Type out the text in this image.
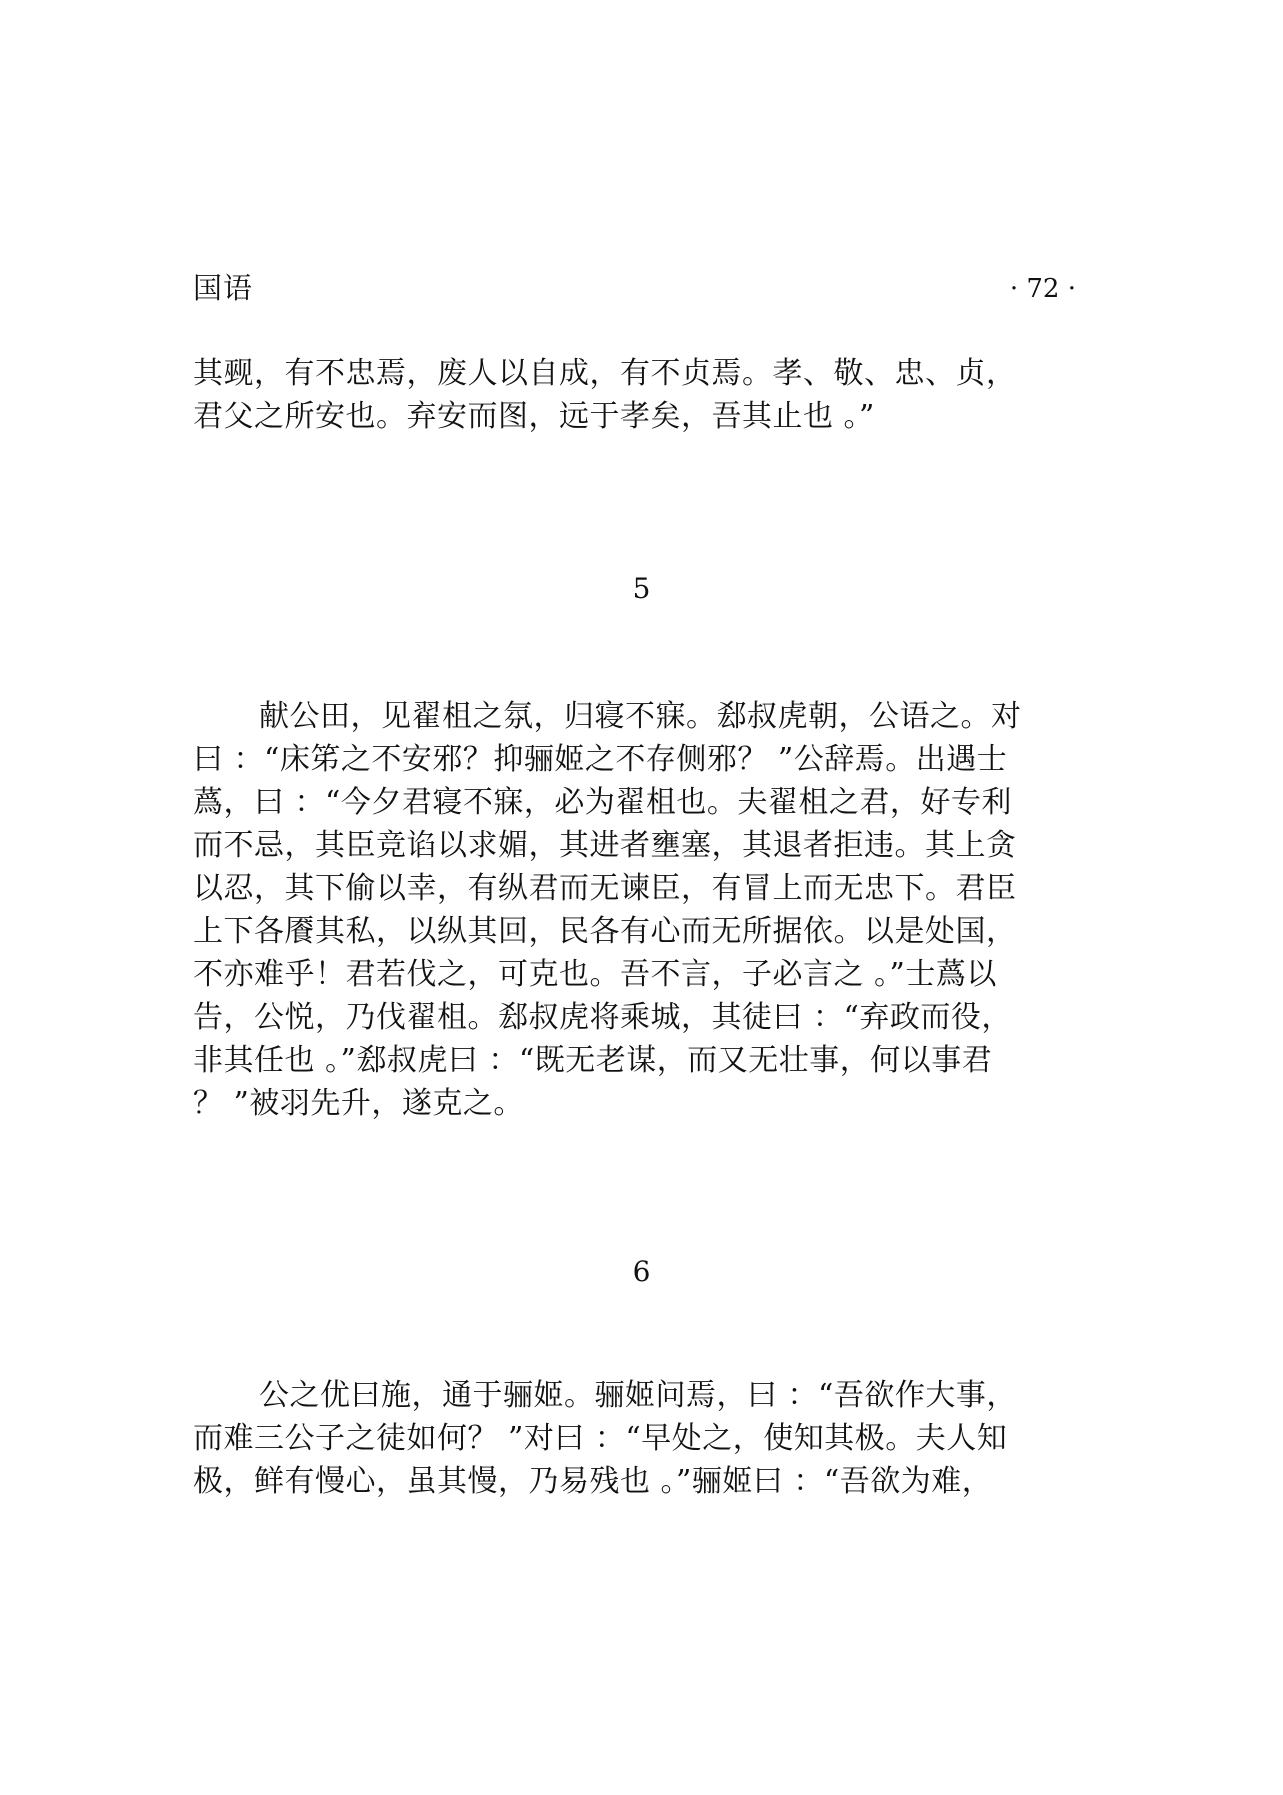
国语	· 72 ·
其觋，有不忠焉，废人以自成，有不贞焉。孝、敬、忠、贞，
君父之所安也。弃安而图，远于孝矣，吾其止也 。”
5
献公田，见翟柤之氛，归寝不寐。郄叔虎朝，公语之。对
曰 ：“床笫之不安邪？抑骊姬之不存侧邪？ ”公辞焉。出遇士
蔿，曰 ：“今夕君寝不寐，必为翟柤也。夫翟柤之君，好专利
而不忌，其臣竞谄以求媚，其进者壅塞，其退者拒违。其上贪
以忍，其下偷以幸，有纵君而无谏臣，有冒上而无忠下。君臣
上下各餍其私，以纵其回，民各有心而无所据依。以是处国，
不亦难乎！君若伐之，可克也。吾不言，子必言之 。”士蔿以
告，公悦，乃伐翟柤。郄叔虎将乘城，其徒曰 ：“弃政而役，
非其任也 。”郄叔虎曰 ：“既无老谋，而又无壮事，何以事君
？ ”被羽先升，遂克之。
6
公之优曰施，通于骊姬。骊姬问焉，曰 ：“吾欲作大事，
而难三公子之徒如何？ ”对曰 ：“早处之，使知其极。夫人知
极，鲜有慢心，虽其慢，乃易残也 。”骊姬曰 ：“吾欲为难，
